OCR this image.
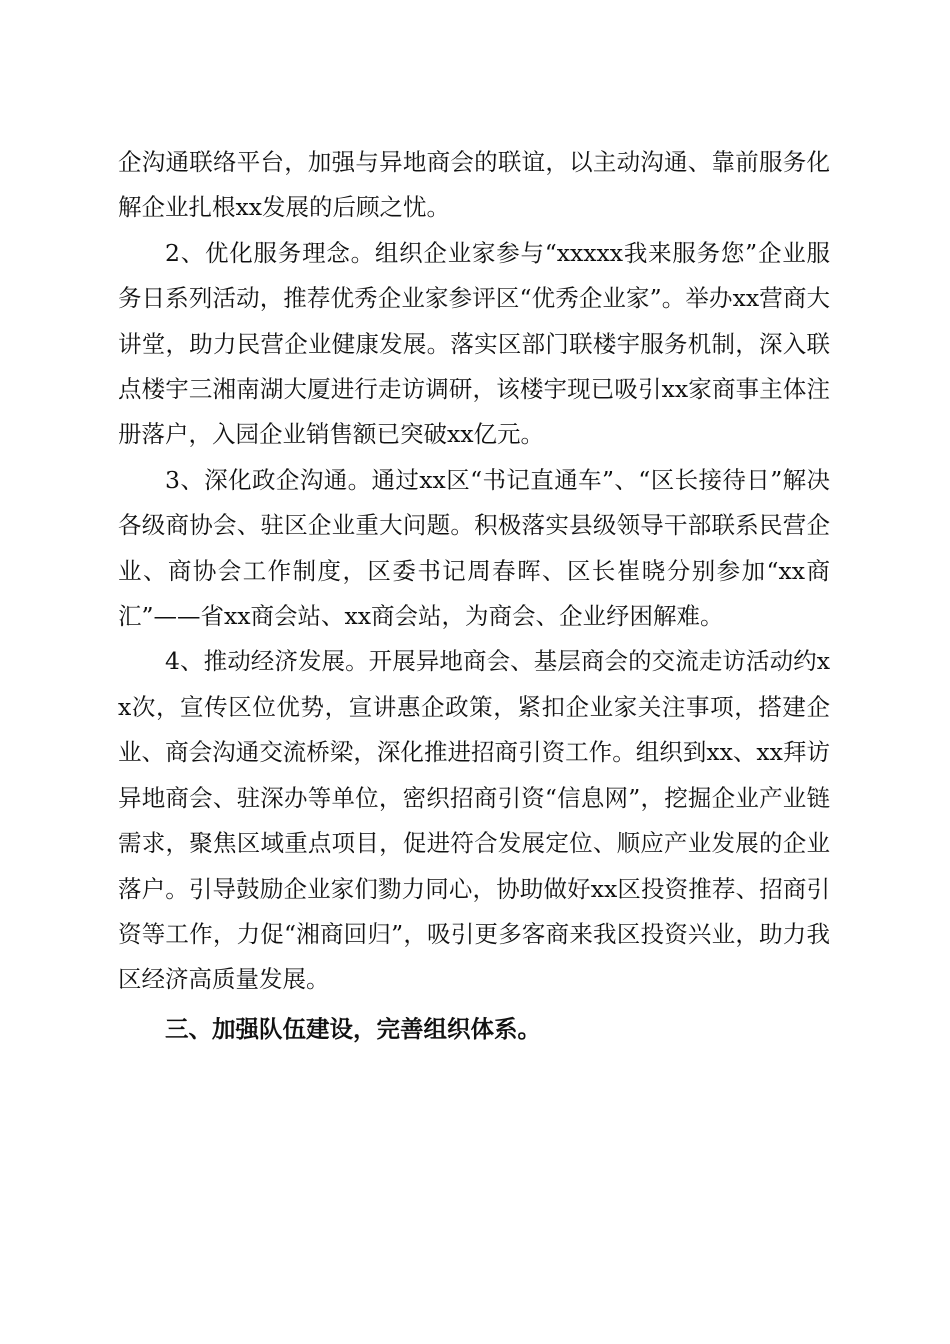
企沟通联络平台，加强与异地商会的联谊，以主动沟通、靠前服务化解企业扎根xx发展的后顾之忧。

2、优化服务理念。组织企业家参与“xxxxx我来服务您”企业服务日系列活动，推荐优秀企业家参评区“优秀企业家”。举办xx营商大讲堂，助力民营企业健康发展。落实区部门联楼宇服务机制，深入联点楼宇三湘南湖大厦进行走访调研，该楼宇现已吸引xx家商事主体注册落户，入园企业销售额已突破xx亿元。

3、深化政企沟通。通过xx区“书记直通车”、“区长接待日”解决各级商协会、驻区企业重大问题。积极落实县级领导干部联系民营企业、商协会工作制度，区委书记周春晖、区长崔晓分别参加“xx商汇”——省xx商会站、xx商会站，为商会、企业纾困解难。

4、推动经济发展。开展异地商会、基层商会的交流走访活动约xx次，宣传区位优势，宣讲惠企政策，紧扣企业家关注事项，搭建企业、商会沟通交流桥梁，深化推进招商引资工作。组织到xx、xx拜访异地商会、驻深办等单位，密织招商引资“信息网”，挖掘企业产业链需求，聚焦区域重点项目，促进符合发展定位、顺应产业发展的企业落户。引导鼓励企业家们勠力同心，协助做好xx区投资推荐、招商引资等工作，力促“湘商回归”，吸引更多客商来我区投资兴业，助力我区经济高质量发展。

三、加强队伍建设，完善组织体系。
